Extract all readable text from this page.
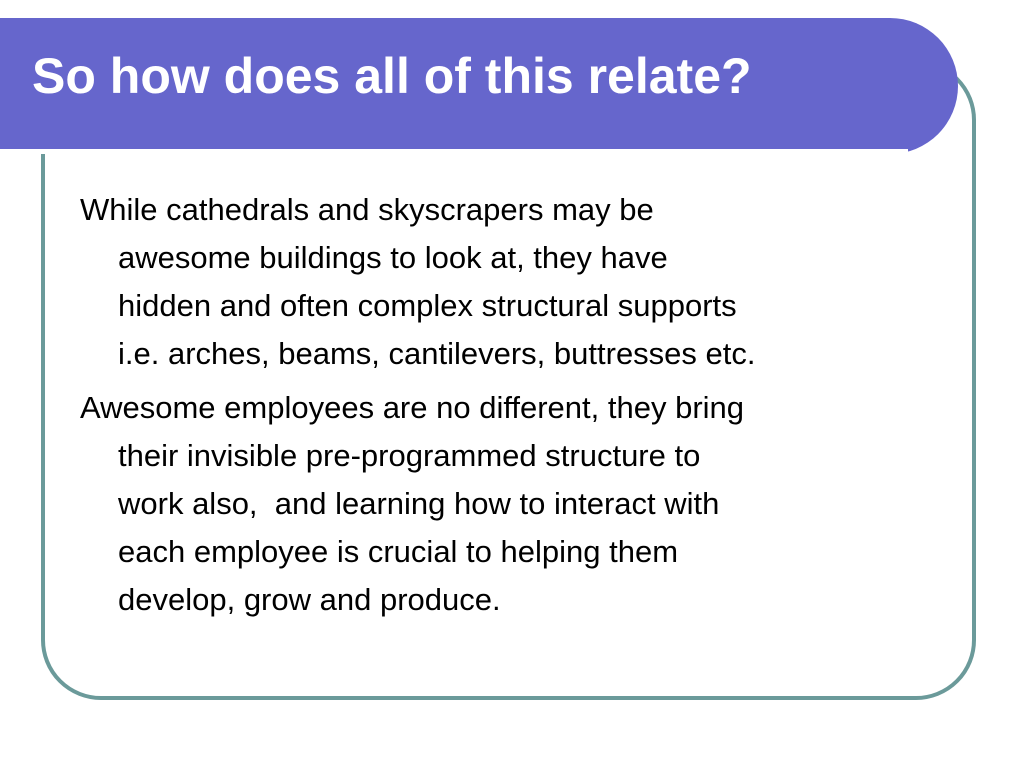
So how does all of this relate?
While cathedrals and skyscrapers may be
awesome buildings to look at, they have
hidden and often complex structural supports
i.e. arches, beams, cantilevers, buttresses etc.
Awesome employees are no different, they bring
their invisible pre-programmed structure to
work also,  and learning how to interact with
each employee is crucial to helping them
develop, grow and produce.
